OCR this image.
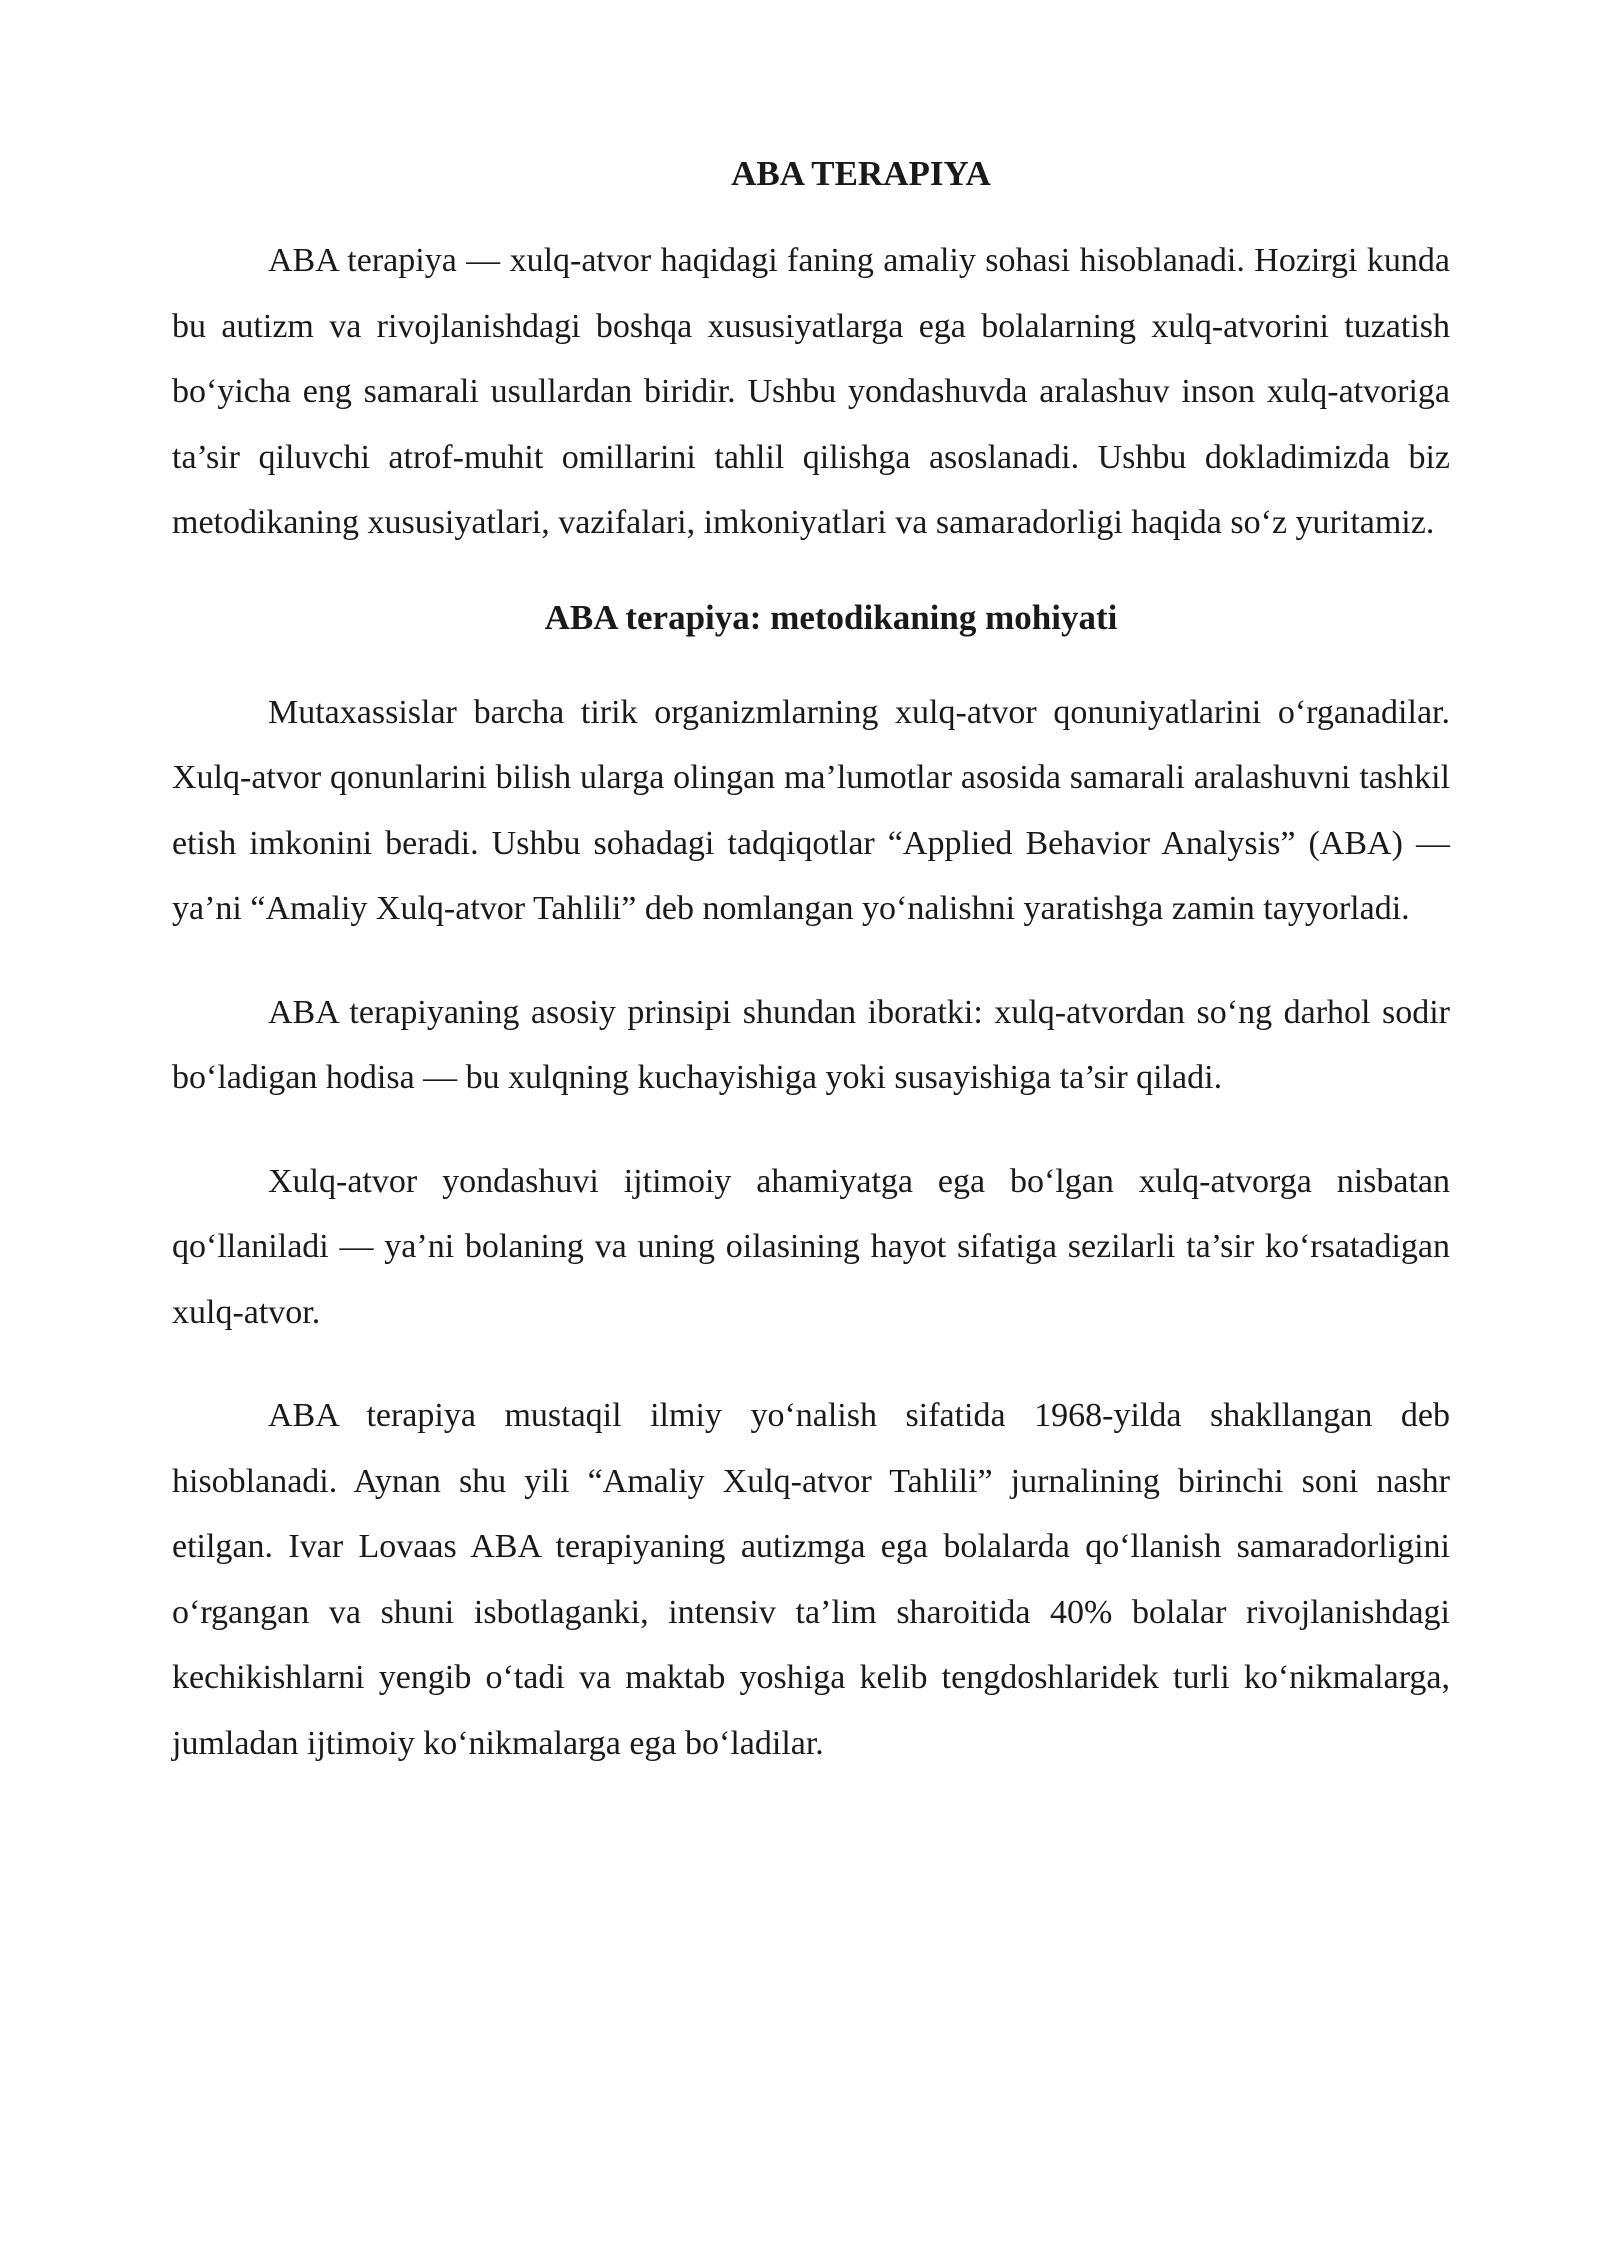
ABA TERAPIYA

ABA terapiya — xulq-atvor haqidagi faning amaliy sohasi hisoblanadi. Hozirgi kunda bu autizm va rivojlanishdagi boshqa xususiyatlarga ega bolalarning xulq-atvorini tuzatish bo‘yicha eng samarali usullardan biridir. Ushbu yondashuvda aralashuv inson xulq-atvoriga ta’sir qiluvchi atrof-muhit omillarini tahlil qilishga asoslanadi. Ushbu dokladimizda biz metodikaning xususiyatlari, vazifalari, imkoniyatlari va samaradorligi haqida so‘z yuritamiz.

ABA terapiya: metodikaning mohiyati

Mutaxassislar barcha tirik organizmlarning xulq-atvor qonuniyatlarini o‘rganadilar. Xulq-atvor qonunlarini bilish ularga olingan ma’lumotlar asosida samarali aralashuvni tashkil etish imkonini beradi. Ushbu sohadagi tadqiqotlar “Applied Behavior Analysis” (ABA) — ya’ni “Amaliy Xulq-atvor Tahlili” deb nomlangan yo‘nalishni yaratishga zamin tayyorladi.

ABA terapiyaning asosiy prinsipi shundan iboratki: xulq-atvordan so‘ng darhol sodir bo‘ladigan hodisa — bu xulqning kuchayishiga yoki susayishiga ta’sir qiladi.

Xulq-atvor yondashuvi ijtimoiy ahamiyatga ega bo‘lgan xulq-atvorga nisbatan qo‘llaniladi — ya’ni bolaning va uning oilasining hayot sifatiga sezilarli ta’sir ko‘rsatadigan xulq-atvor.

ABA terapiya mustaqil ilmiy yo‘nalish sifatida 1968-yilda shakllangan deb hisoblanadi. Aynan shu yili “Amaliy Xulq-atvor Tahlili” jurnalining birinchi soni nashr etilgan. Ivar Lovaas ABA terapiyaning autizmga ega bolalarda qo‘llanish samaradorligini o‘rgangan va shuni isbotlaganki, intensiv ta’lim sharoitida 40% bolalar rivojlanishdagi kechikishlarni yengib o‘tadi va maktab yoshiga kelib tengdoshlaridek turli ko‘nikmalarga, jumladan ijtimoiy ko‘nikmalarga ega bo‘ladilar.
